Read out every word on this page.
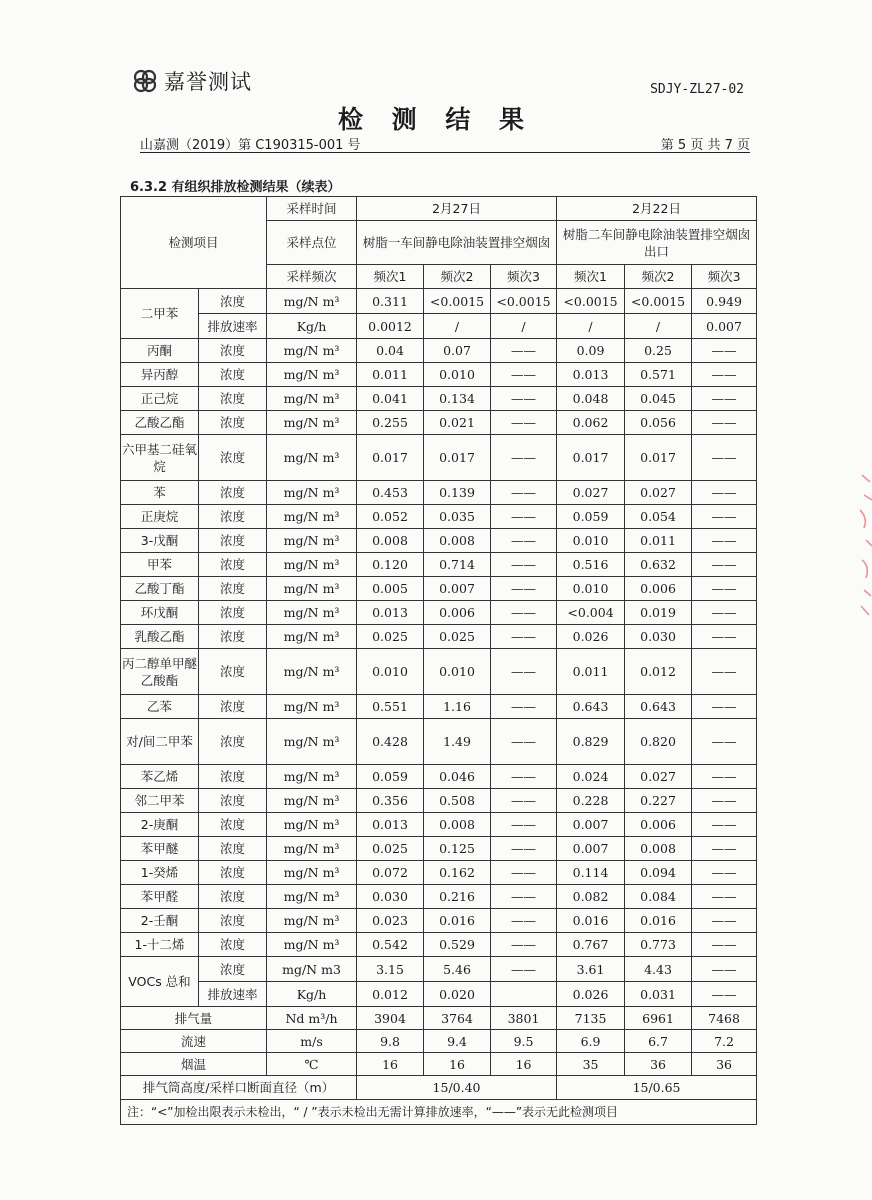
嘉誉测试	SDJY-ZL27-02
检 测 结 果
山嘉测（2019）第 C190315-001 号	第 5 页 共 7 页
6.3.2 有组织排放检测结果（续表）
检测项目		采样时间	2月27日			2月22日		
		采样点位	树脂一车间静电除油装置排空烟囱			树脂二车间静电除油装置排空烟囱出口		
		采样频次	频次1	频次2	频次3	频次1	频次2	频次3
二甲苯	浓度	mg/N m³	0.311	<0.0015	<0.0015	<0.0015	<0.0015	0.949
	排放速率	Kg/h	0.0012	/	/	/	/	0.007
丙酮	浓度	mg/N m³	0.04	0.07	——	0.09	0.25	——
异丙醇	浓度	mg/N m³	0.011	0.010	——	0.013	0.571	——
正己烷	浓度	mg/N m³	0.041	0.134	——	0.048	0.045	——
乙酸乙酯	浓度	mg/N m³	0.255	0.021	——	0.062	0.056	——
六甲基二硅氧烷	浓度	mg/N m³	0.017	0.017	——	0.017	0.017	——
苯	浓度	mg/N m³	0.453	0.139	——	0.027	0.027	——
正庚烷	浓度	mg/N m³	0.052	0.035	——	0.059	0.054	——
3-戊酮	浓度	mg/N m³	0.008	0.008	——	0.010	0.011	——
甲苯	浓度	mg/N m³	0.120	0.714	——	0.516	0.632	——
乙酸丁酯	浓度	mg/N m³	0.005	0.007	——	0.010	0.006	——
环戊酮	浓度	mg/N m³	0.013	0.006	——	<0.004	0.019	——
乳酸乙酯	浓度	mg/N m³	0.025	0.025	——	0.026	0.030	——
丙二醇单甲醚乙酸酯	浓度	mg/N m³	0.010	0.010	——	0.011	0.012	——
乙苯	浓度	mg/N m³	0.551	1.16	——	0.643	0.643	——
对/间二甲苯	浓度	mg/N m³	0.428	1.49	——	0.829	0.820	——
苯乙烯	浓度	mg/N m³	0.059	0.046	——	0.024	0.027	——
邻二甲苯	浓度	mg/N m³	0.356	0.508	——	0.228	0.227	——
2-庚酮	浓度	mg/N m³	0.013	0.008	——	0.007	0.006	——
苯甲醚	浓度	mg/N m³	0.025	0.125	——	0.007	0.008	——
1-癸烯	浓度	mg/N m³	0.072	0.162	——	0.114	0.094	——
苯甲醛	浓度	mg/N m³	0.030	0.216	——	0.082	0.084	——
2-壬酮	浓度	mg/N m³	0.023	0.016	——	0.016	0.016	——
1-十二烯	浓度	mg/N m³	0.542	0.529	——	0.767	0.773	——
VOCs 总和	浓度	mg/N m3	3.15	5.46	——	3.61	4.43	——
	排放速率	Kg/h	0.012	0.020		0.026	0.031	——
排气量		Nd m³/h	3904	3764	3801	7135	6961	7468
流速		m/s	9.8	9.4	9.5	6.9	6.7	7.2
烟温		℃	16	16	16	35	36	36
排气筒高度/采样口断面直径（m）			15/0.40			15/0.65		
注：“<”加检出限表示未检出，“ / ”表示未检出无需计算排放速率，“——”表示无此检测项目								
